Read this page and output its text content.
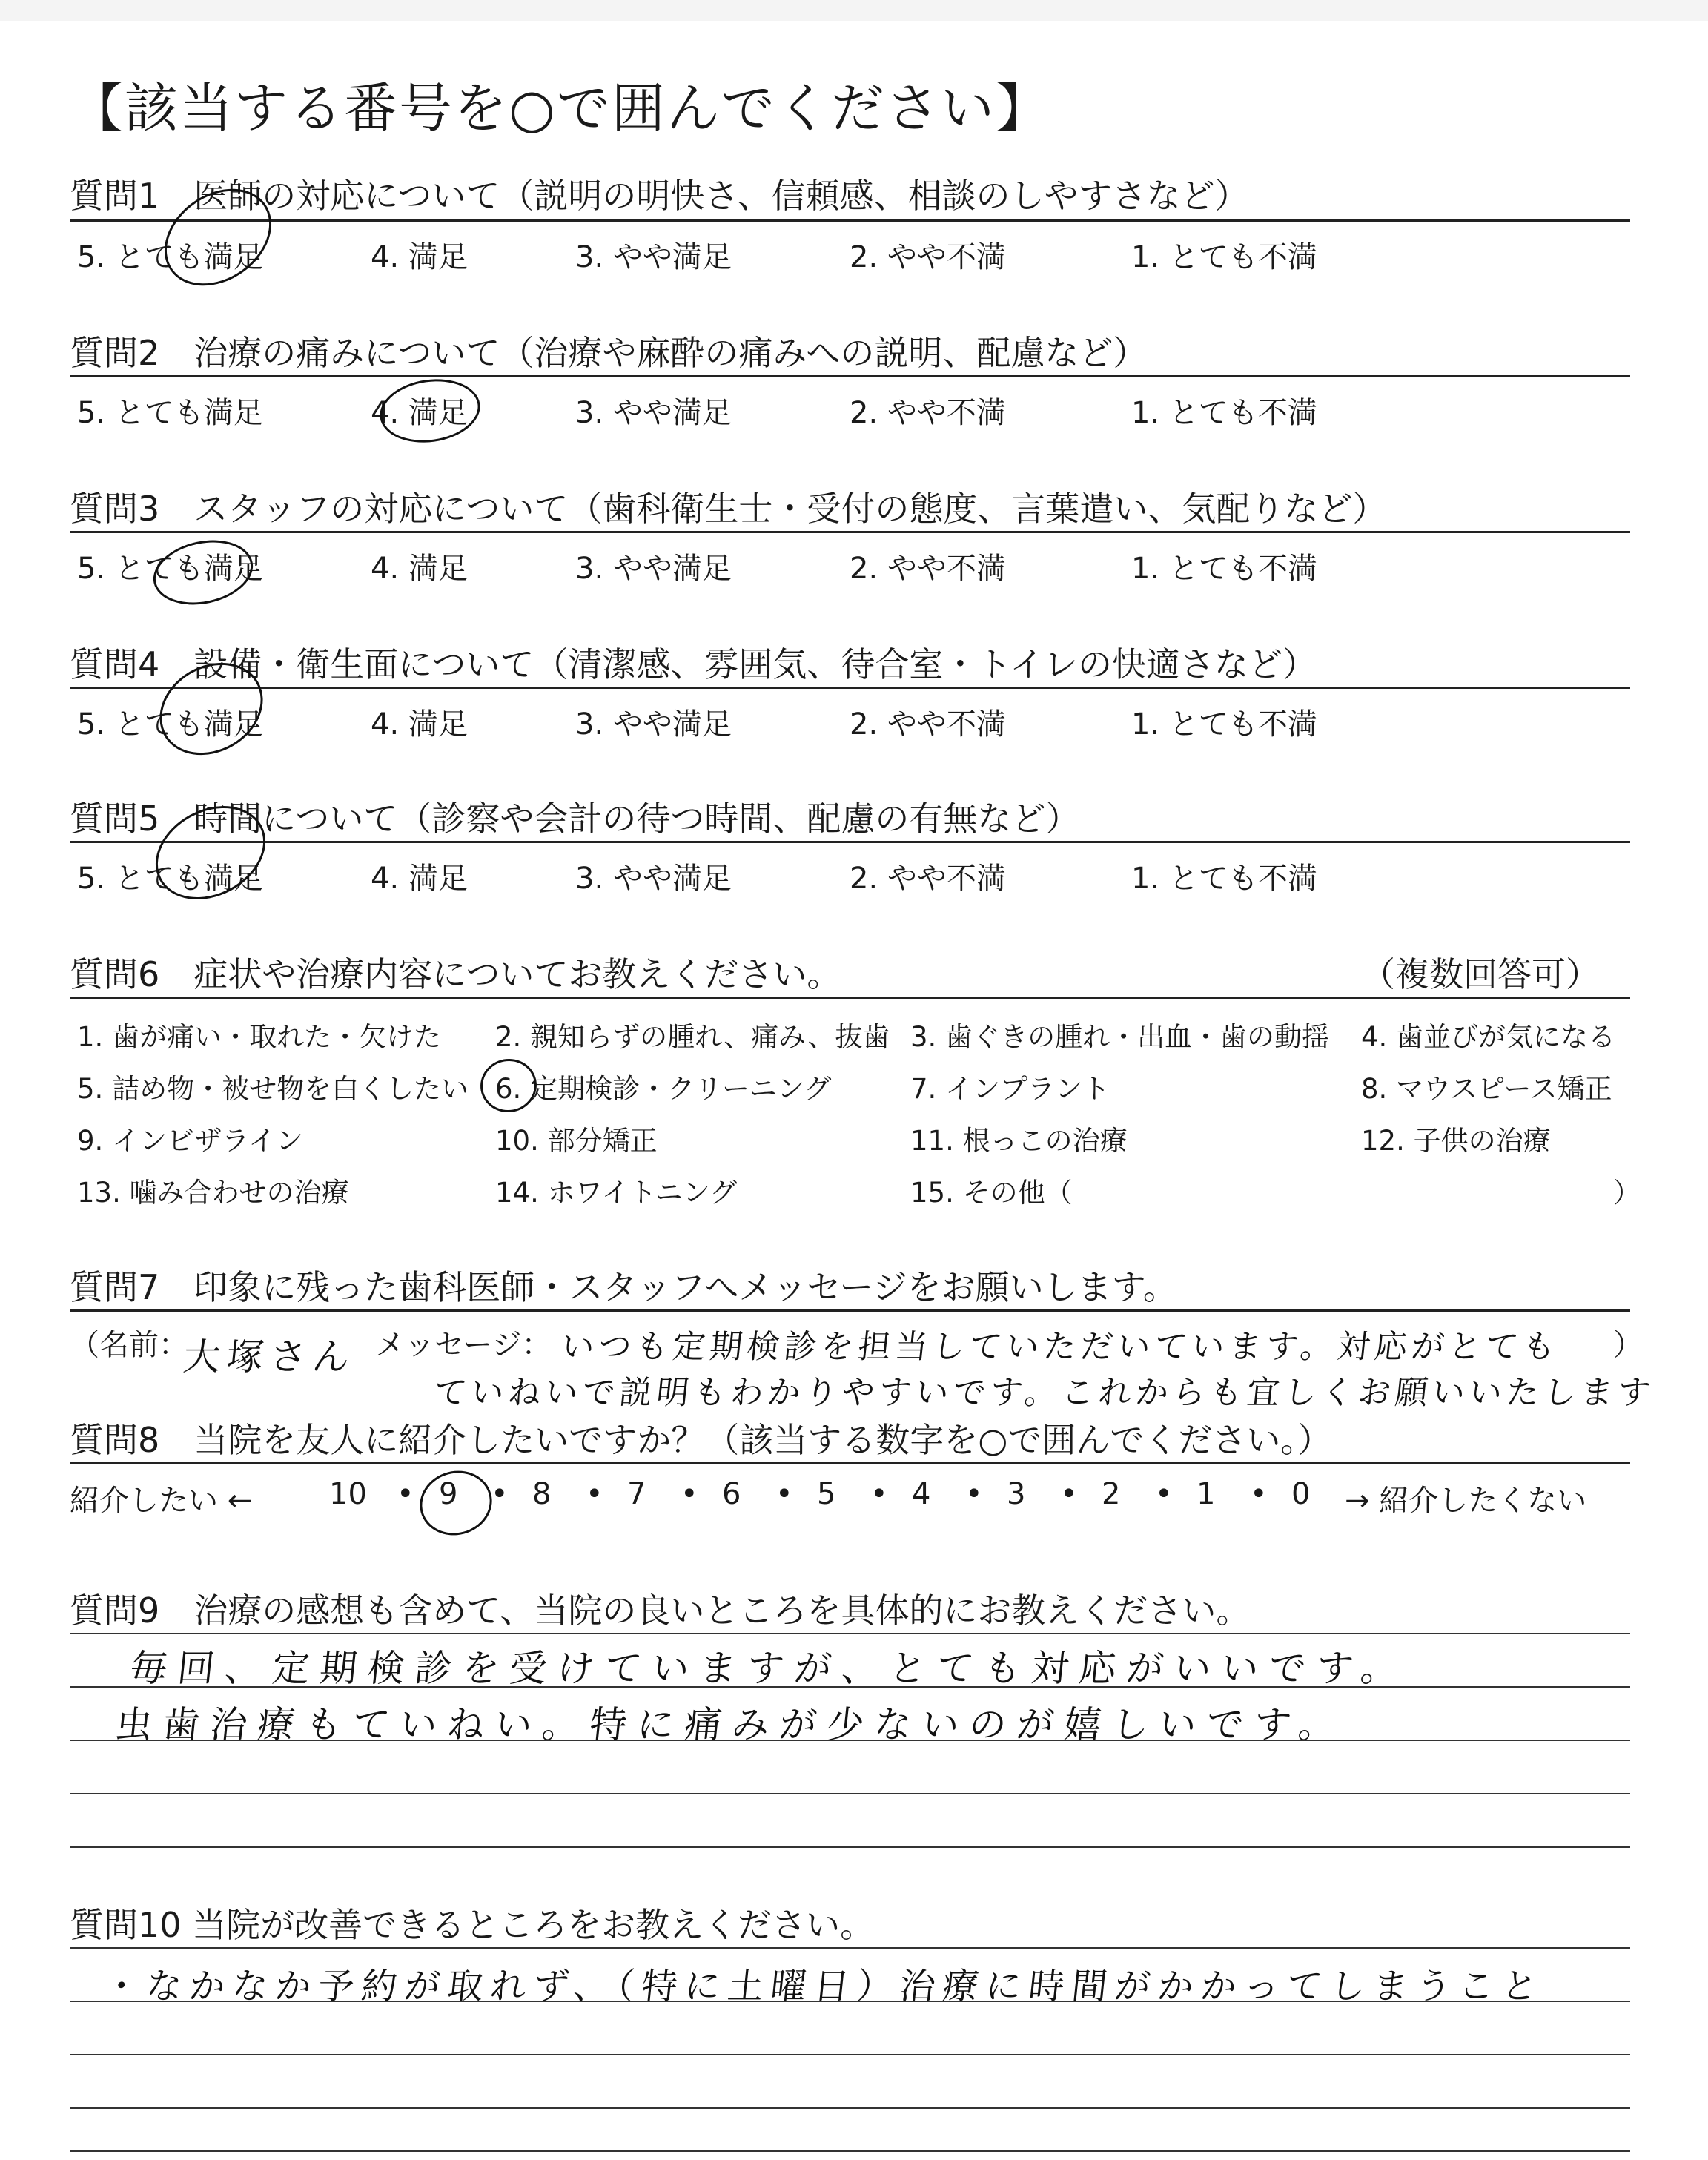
【該当する番号を○で囲んでください】
質問1　医師の対応について（説明の明快さ、信頼感、相談のしやすさなど）
5. とても満足	4. 満足	3. やや満足	2. やや不満	1. とても不満
質問2　治療の痛みについて（治療や麻酔の痛みへの説明、配慮など）
5. とても満足	4. 満足	3. やや満足	2. やや不満	1. とても不満
質問3　スタッフの対応について（歯科衛生士・受付の態度、言葉遣い、気配りなど）
5. とても満足	4. 満足	3. やや満足	2. やや不満	1. とても不満
質問4　設備・衛生面について（清潔感、雰囲気、待合室・トイレの快適さなど）
5. とても満足	4. 満足	3. やや満足	2. やや不満	1. とても不満
質問5　時間について（診察や会計の待つ時間、配慮の有無など）
5. とても満足	4. 満足	3. やや満足	2. やや不満	1. とても不満
質問6　症状や治療内容についてお教えください。	（複数回答可）
1. 歯が痛い・取れた・欠けた 2. 親知らずの腫れ、痛み、抜歯 3. 歯ぐきの腫れ・出血・歯の動揺 4. 歯並びが気になる
5. 詰め物・被せ物を白くしたい 6. 定期検診・クリーニング	7. インプラント	8. マウスピース矯正
9. インビザライン	10. 部分矯正	11. 根っこの治療	12. 子供の治療
13. 噛み合わせの治療	14. ホワイトニング	15. その他（	）
質問7　印象に残った歯科医師・スタッフへメッセージをお願いします。
（名前：
大塚さん メッセージ： いつも定期検診を担当していただいています。対応がとても ）
ていねいで説明もわかりやすいです。これからも宜しくお願いいたします
質問8　当院を友人に紹介したいですか？（該当する数字を○で囲んでください。）
紹介したい ←	10 • 9 • 8 • 7 • 6 • 5 • 4 • 3 • 2 • 1 • 0 → 紹介したくない
質問9　治療の感想も含めて、当院の良いところを具体的にお教えください。
毎回、定期検診を受けていますが、とても対応がいいです。
虫歯治療もていねい。特に痛みが少ないのが嬉しいです。
質問10 当院が改善できるところをお教えください。
・なかなか予約が取れず、（特に土曜日）治療に時間がかかってしまうこと
